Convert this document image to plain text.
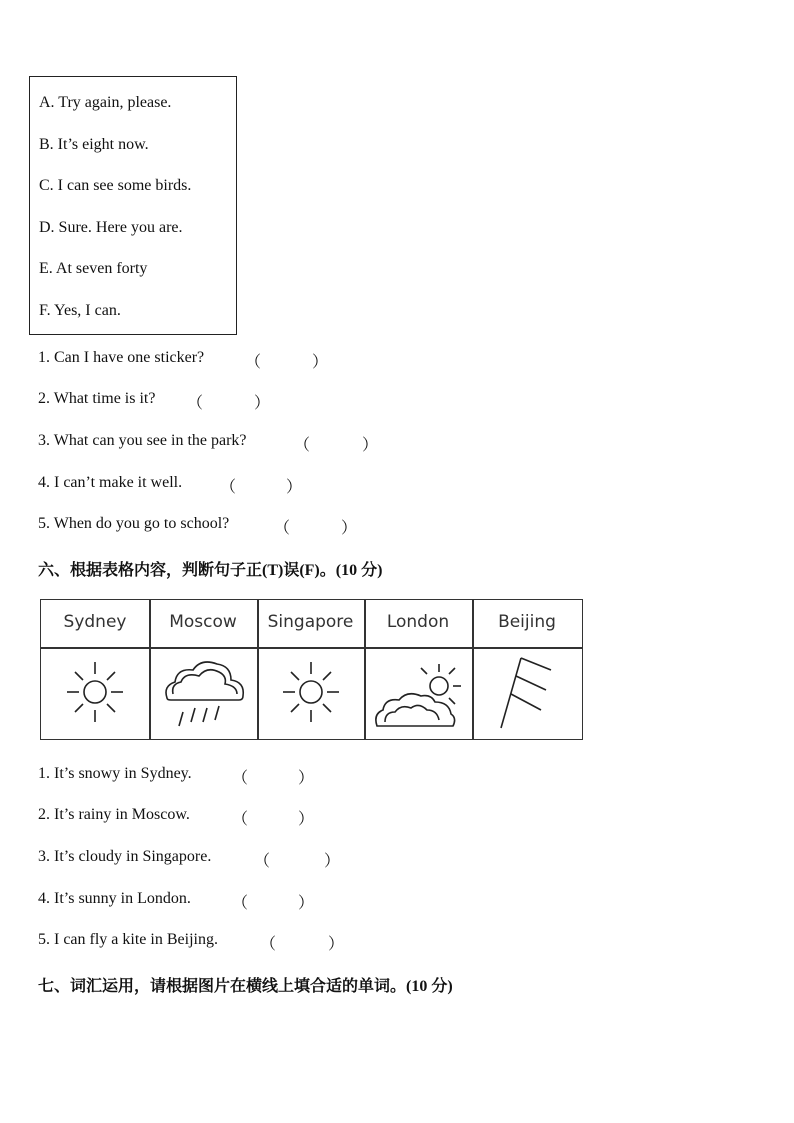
A. Try again, please.
B. It’s eight now.
C. I can see some birds.
D. Sure. Here you are.
E. At seven forty
F. Yes, I can.
1. Can I have one sticker?	（	）
2. What time is it? （	）
3. What can you see in the park?	（	）
4. I can’t make it well. （	）
5. When do you go to school?	（	）
六、根据表格内容，判断句子正(T)误(F)。(10 分)
Sydney	Moscow	Singapore	London	Beijing
1. It’s snowy in Sydney.	（	）
2. It’s rainy in Moscow.	（	）
3. It’s cloudy in Singapore.	（	）
4. It’s sunny in London.	（	）
5. I can fly a kite in Beijing.	（	）
七、词汇运用，请根据图片在横线上填合适的单词。(10 分)
